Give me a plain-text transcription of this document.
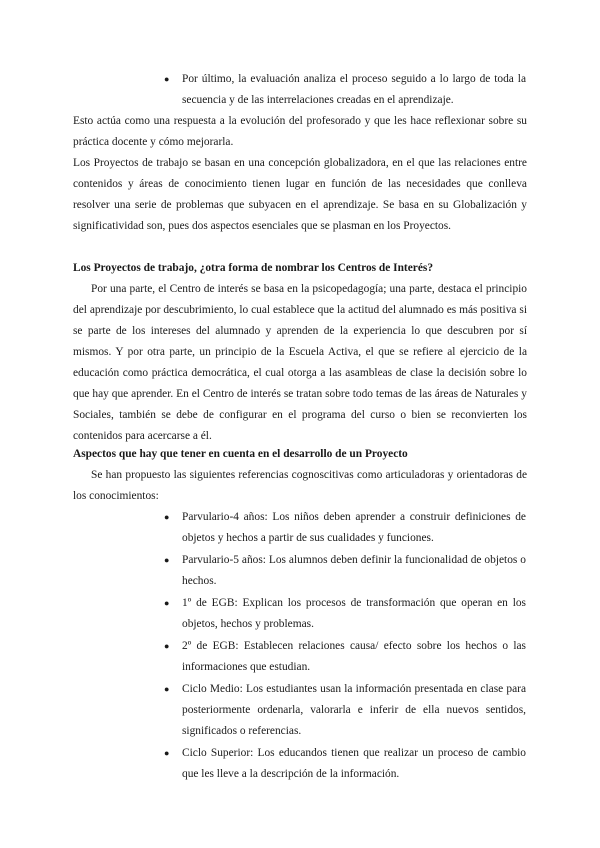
● Por último, la evaluación analiza el proceso seguido a lo largo de toda la secuencia y de las interrelaciones creadas en el aprendizaje.

Esto actúa como una respuesta a la evolución del profesorado y que les hace reflexionar sobre su práctica docente y cómo mejorarla.

Los Proyectos de trabajo se basan en una concepción globalizadora, en el que las relaciones entre contenidos y áreas de conocimiento tienen lugar en función de las necesidades que conlleva resolver una serie de problemas que subyacen en el aprendizaje. Se basa en su Globalización y significatividad son, pues dos aspectos esenciales que se plasman en los Proyectos.

Los Proyectos de trabajo, ¿otra forma de nombrar los Centros de Interés?

Por una parte, el Centro de interés se basa en la psicopedagogía; una parte, destaca el principio del aprendizaje por descubrimiento, lo cual establece que la actitud del alumnado es más positiva si se parte de los intereses del alumnado y aprenden de la experiencia lo que descubren por sí mismos. Y por otra parte, un principio de la Escuela Activa, el que se refiere al ejercicio de la educación como práctica democrática, el cual otorga a las asambleas de clase la decisión sobre lo que hay que aprender. En el Centro de interés se tratan sobre todo temas de las áreas de Naturales y Sociales, también se debe de configurar en el programa del curso o bien se reconvierten los contenidos para acercarse a él.

Aspectos que hay que tener en cuenta en el desarrollo de un Proyecto

Se han propuesto las siguientes referencias cognoscitivas como articuladoras y orientadoras de los conocimientos:

● Parvulario-4 años: Los niños deben aprender a construir definiciones de objetos y hechos a partir de sus cualidades y funciones.
● Parvulario-5 años: Los alumnos deben definir la funcionalidad de objetos o hechos.
● 1º de EGB: Explican los procesos de transformación que operan en los objetos, hechos y problemas.
● 2º de EGB: Establecen relaciones causa/ efecto sobre los hechos o las informaciones que estudian.
● Ciclo Medio: Los estudiantes usan la información presentada en clase para posteriormente ordenarla, valorarla e inferir de ella nuevos sentidos, significados o referencias.
● Ciclo Superior: Los educandos tienen que realizar un proceso de cambio que les lleve a la descripción de la información.
